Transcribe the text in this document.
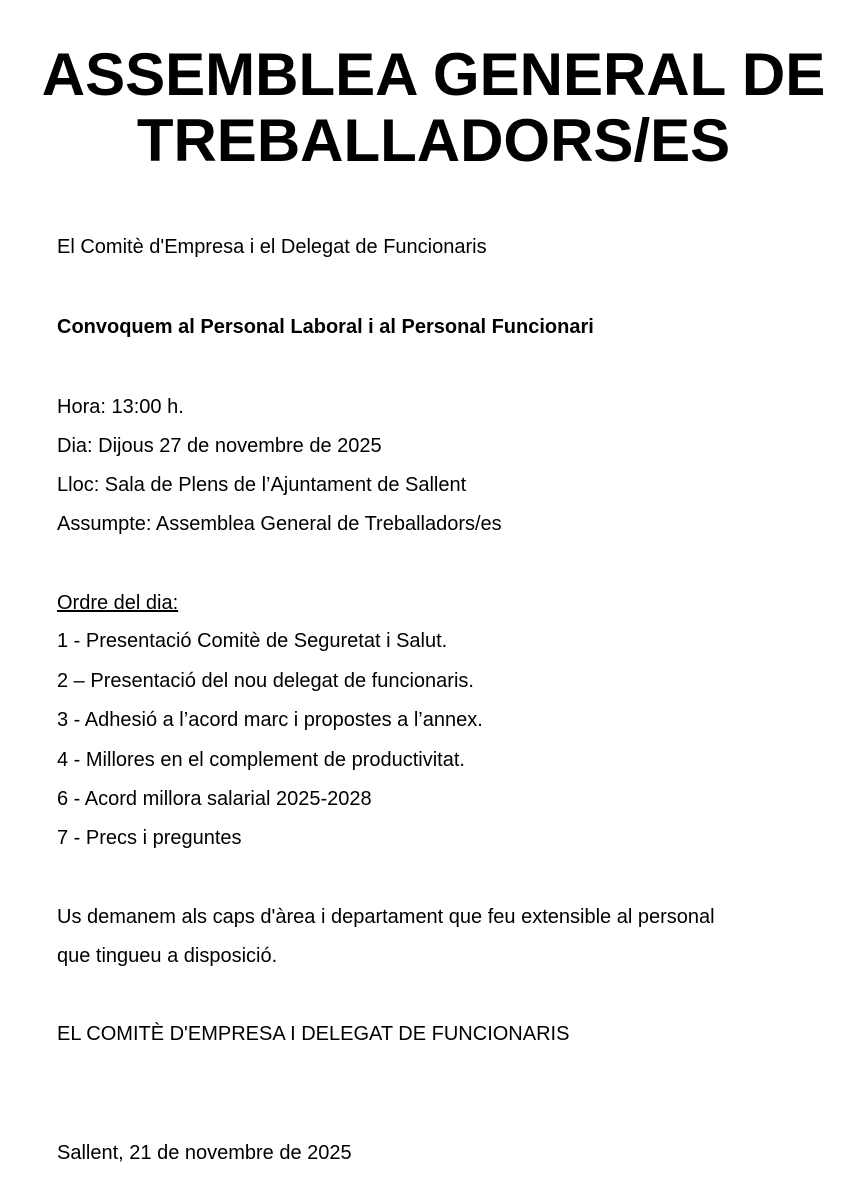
ASSEMBLEA GENERAL DE
TREBALLADORS/ES
El Comitè d'Empresa i el Delegat de Funcionaris
Convoquem al Personal Laboral i al Personal Funcionari
Hora: 13:00 h.
Dia: Dijous 27 de novembre de 2025
Lloc: Sala de Plens de l’Ajuntament de Sallent
Assumpte: Assemblea General de Treballadors/es
Ordre del dia:
1 - Presentació Comitè de Seguretat i Salut.
2 – Presentació del nou delegat de funcionaris.
3 - Adhesió a l’acord marc i propostes a l’annex.
4 - Millores en el complement de productivitat.
6 - Acord millora salarial 2025-2028
7 - Precs i preguntes
Us demanem als caps d'àrea i departament que feu extensible al personal
que tingueu a disposició.
EL COMITÈ D'EMPRESA I DELEGAT DE FUNCIONARIS
Sallent, 21 de novembre de 2025
